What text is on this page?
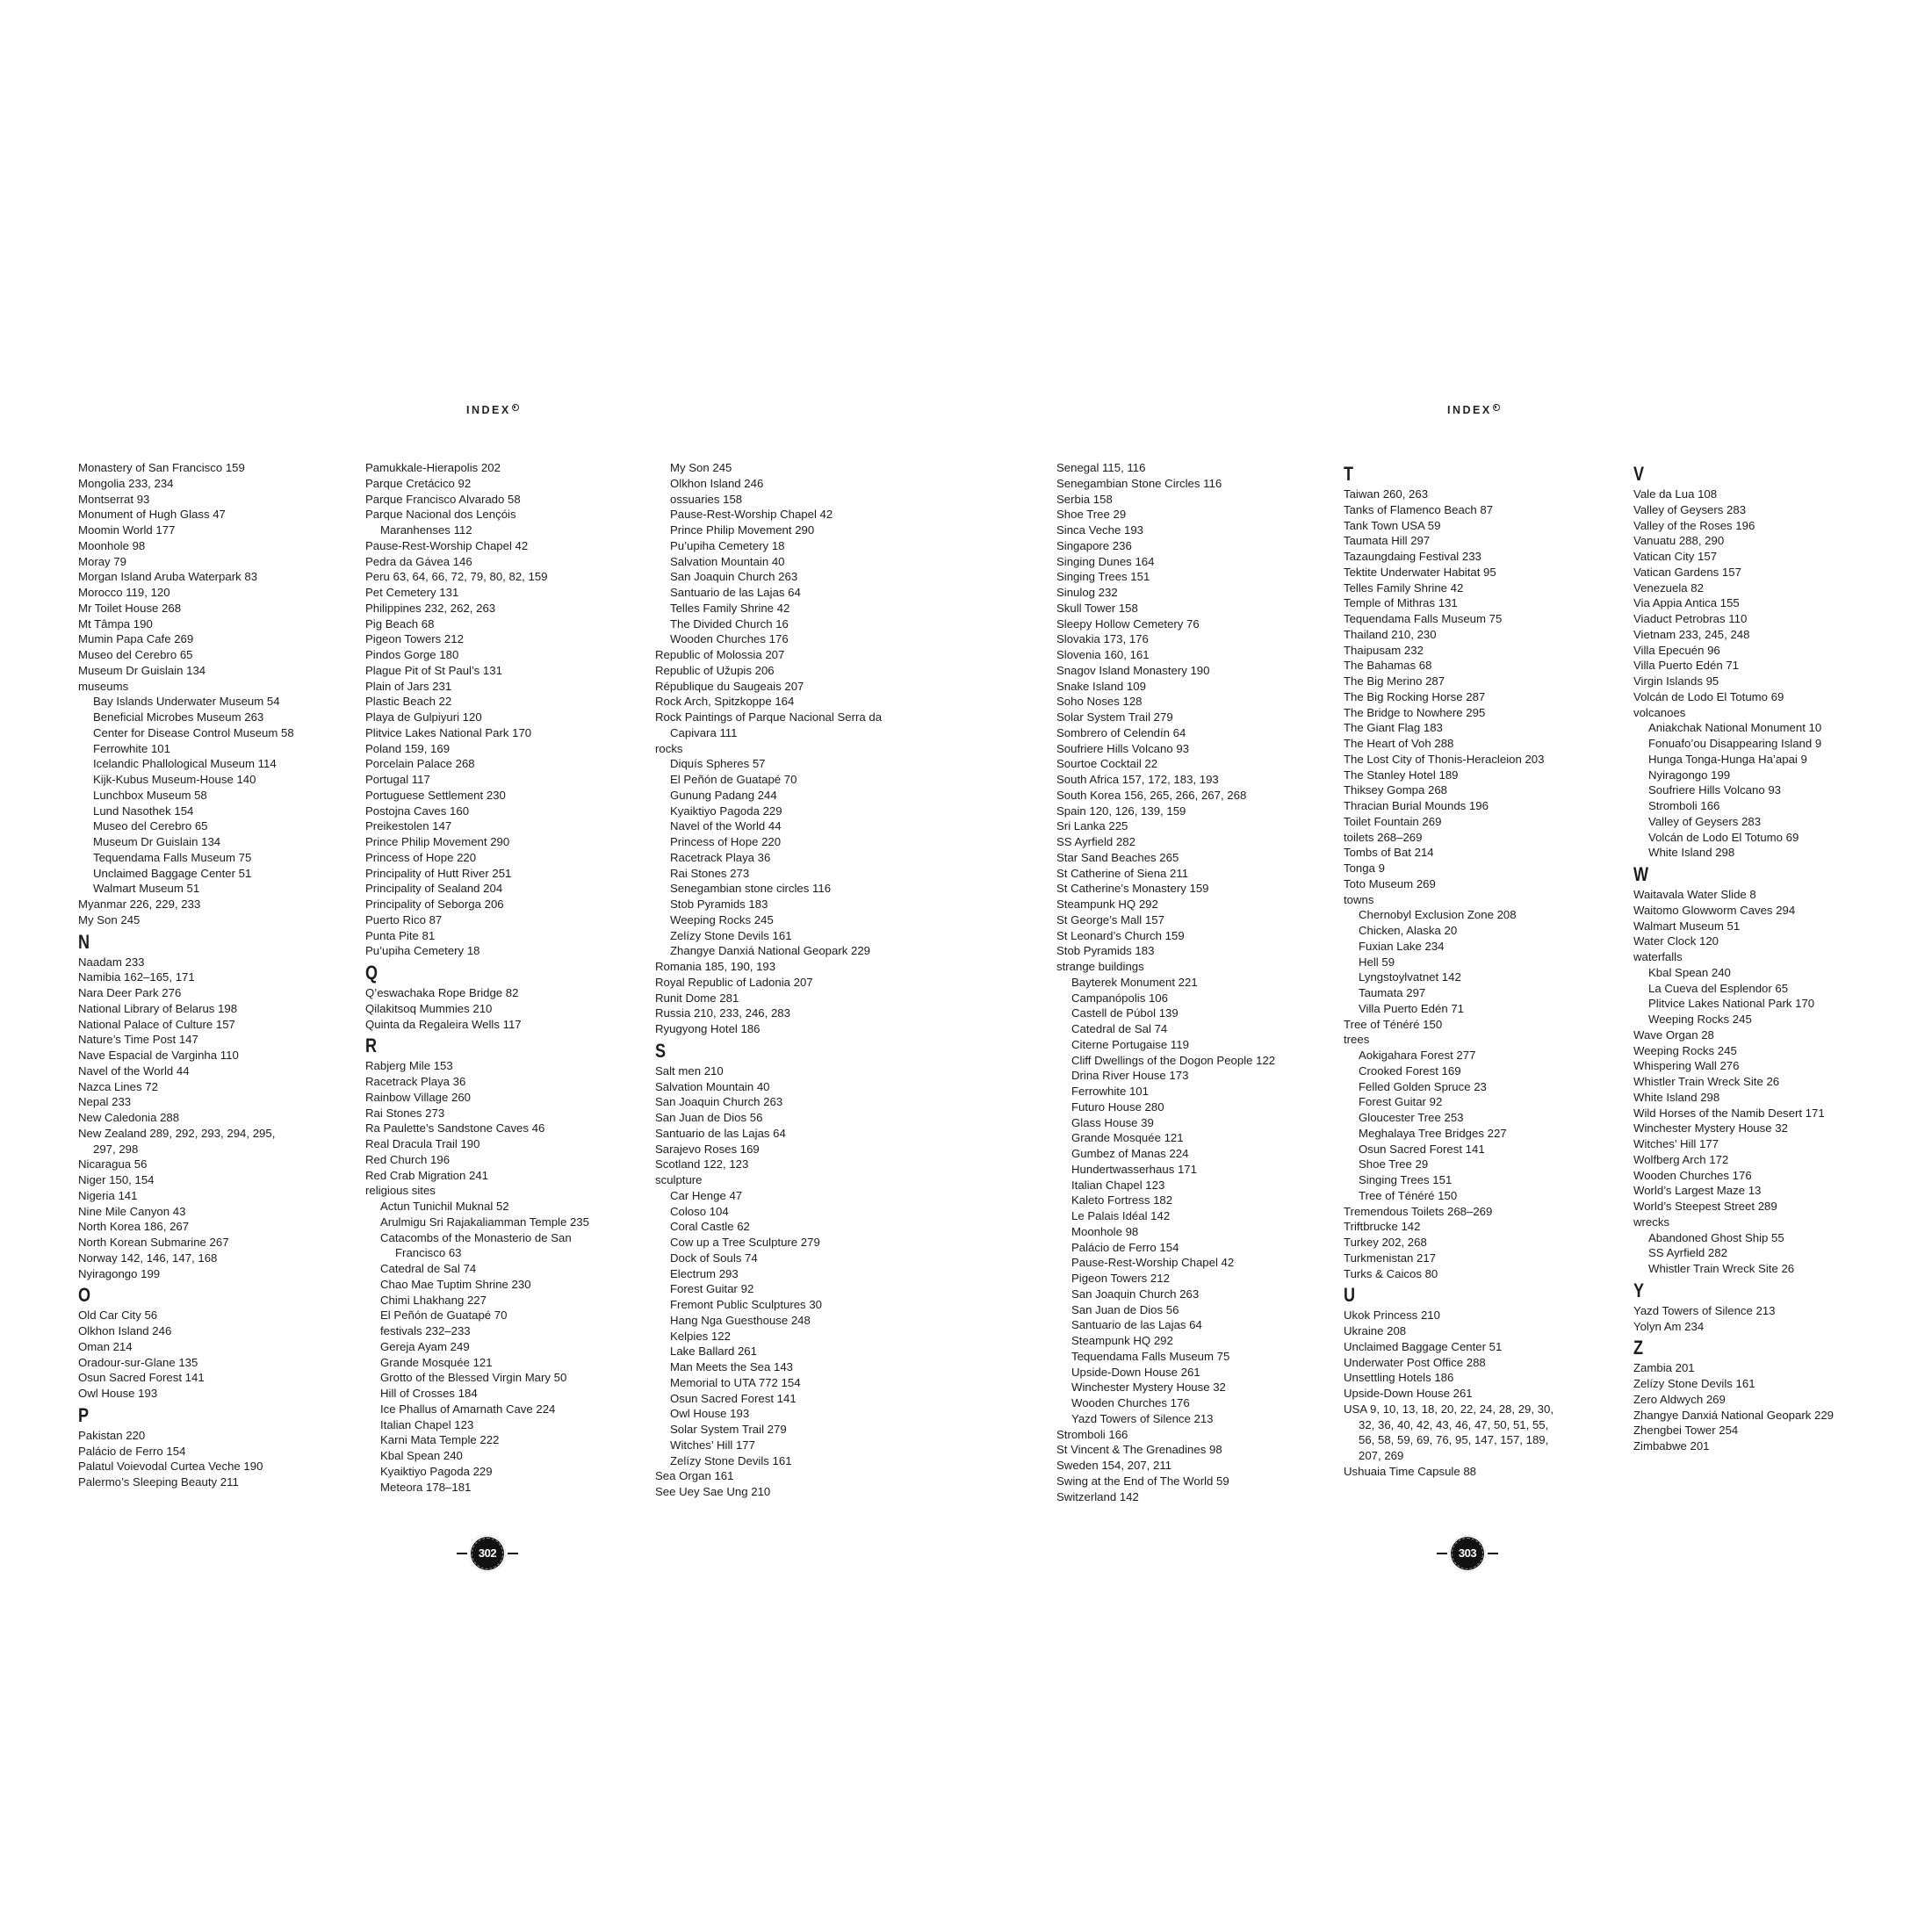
INDEX	INDEX
Monastery of San Francisco 159
Mongolia 233, 234
Montserrat 93
Monument of Hugh Glass 47
Moomin World 177
Moonhole 98
Moray 79
Morgan Island Aruba Waterpark 83
Morocco 119, 120
Mr Toilet House 268
Mt Tâmpa 190
Mumin Papa Cafe 269
Museo del Cerebro 65
Museum Dr Guislain 134
museums
Bay Islands Underwater Museum 54
Beneficial Microbes Museum 263
Center for Disease Control Museum 58
Ferrowhite 101
Icelandic Phallological Museum 114
Kijk-Kubus Museum-House 140
Lunchbox Museum 58
Lund Nasothek 154
Museo del Cerebro 65
Museum Dr Guislain 134
Tequendama Falls Museum 75
Unclaimed Baggage Center 51
Walmart Museum 51
Myanmar 226, 229, 233
My Son 245
N
Naadam 233
Namibia 162–165, 171
Nara Deer Park 276
National Library of Belarus 198
National Palace of Culture 157
Nature’s Time Post 147
Nave Espacial de Varginha 110
Navel of the World 44
Nazca Lines 72
Nepal 233
New Caledonia 288
New Zealand 289, 292, 293, 294, 295,
297, 298
Nicaragua 56
Niger 150, 154
Nigeria 141
Nine Mile Canyon 43
North Korea 186, 267
North Korean Submarine 267
Norway 142, 146, 147, 168
Nyiragongo 199
O
Old Car City 56
Olkhon Island 246
Oman 214
Oradour-sur-Glane 135
Osun Sacred Forest 141
Owl House 193
P
Pakistan 220
Palácio de Ferro 154
Palatul Voievodal Curtea Veche 190
Palermo’s Sleeping Beauty 211
Pamukkale-Hierapolis 202
Parque Cretácico 92
Parque Francisco Alvarado 58
Parque Nacional dos Lençóis
Maranhenses 112
Pause-Rest-Worship Chapel 42
Pedra da Gávea 146
Peru 63, 64, 66, 72, 79, 80, 82, 159
Pet Cemetery 131
Philippines 232, 262, 263
Pig Beach 68
Pigeon Towers 212
Pindos Gorge 180
Plague Pit of St Paul’s 131
Plain of Jars 231
Plastic Beach 22
Playa de Gulpiyuri 120
Plitvice Lakes National Park 170
Poland 159, 169
Porcelain Palace 268
Portugal 117
Portuguese Settlement 230
Postojna Caves 160
Preikestolen 147
Prince Philip Movement 290
Princess of Hope 220
Principality of Hutt River 251
Principality of Sealand 204
Principality of Seborga 206
Puerto Rico 87
Punta Pite 81
Pu’upiha Cemetery 18
Q
Q’eswachaka Rope Bridge 82
Qilakitsoq Mummies 210
Quinta da Regaleira Wells 117
R
Rabjerg Mile 153
Racetrack Playa 36
Rainbow Village 260
Rai Stones 273
Ra Paulette’s Sandstone Caves 46
Real Dracula Trail 190
Red Church 196
Red Crab Migration 241
religious sites
Actun Tunichil Muknal 52
Arulmigu Sri Rajakaliamman Temple 235
Catacombs of the Monasterio de San
Francisco 63
Catedral de Sal 74
Chao Mae Tuptim Shrine 230
Chimi Lhakhang 227
El Peñón de Guatapé 70
festivals 232–233
Gereja Ayam 249
Grande Mosquée 121
Grotto of the Blessed Virgin Mary 50
Hill of Crosses 184
Ice Phallus of Amarnath Cave 224
Italian Chapel 123
Karni Mata Temple 222
Kbal Spean 240
Kyaiktiyo Pagoda 229
Meteora 178–181
My Son 245
Olkhon Island 246
ossuaries 158
Pause-Rest-Worship Chapel 42
Prince Philip Movement 290
Pu’upiha Cemetery 18
Salvation Mountain 40
San Joaquin Church 263
Santuario de las Lajas 64
Telles Family Shrine 42
The Divided Church 16
Wooden Churches 176
Republic of Molossia 207
Republic of Užupis 206
République du Saugeais 207
Rock Arch, Spitzkoppe 164
Rock Paintings of Parque Nacional Serra da
Capivara 111
rocks
Diquís Spheres 57
El Peñón de Guatapé 70
Gunung Padang 244
Kyaiktiyo Pagoda 229
Navel of the World 44
Princess of Hope 220
Racetrack Playa 36
Rai Stones 273
Senegambian stone circles 116
Stob Pyramids 183
Weeping Rocks 245
Zelízy Stone Devils 161
Zhangye Danxiá National Geopark 229
Romania 185, 190, 193
Royal Republic of Ladonia 207
Runit Dome 281
Russia 210, 233, 246, 283
Ryugyong Hotel 186
S
Salt men 210
Salvation Mountain 40
San Joaquin Church 263
San Juan de Dios 56
Santuario de las Lajas 64
Sarajevo Roses 169
Scotland 122, 123
sculpture
Car Henge 47
Coloso 104
Coral Castle 62
Cow up a Tree Sculpture 279
Dock of Souls 74
Electrum 293
Forest Guitar 92
Fremont Public Sculptures 30
Hang Nga Guesthouse 248
Kelpies 122
Lake Ballard 261
Man Meets the Sea 143
Memorial to UTA 772 154
Osun Sacred Forest 141
Owl House 193
Solar System Trail 279
Witches’ Hill 177
Zelízy Stone Devils 161
Sea Organ 161
See Uey Sae Ung 210
Senegal 115, 116
Senegambian Stone Circles 116
Serbia 158
Shoe Tree 29
Sinca Veche 193
Singapore 236
Singing Dunes 164
Singing Trees 151
Sinulog 232
Skull Tower 158
Sleepy Hollow Cemetery 76
Slovakia 173, 176
Slovenia 160, 161
Snagov Island Monastery 190
Snake Island 109
Soho Noses 128
Solar System Trail 279
Sombrero of Celendín 64
Soufriere Hills Volcano 93
Sourtoe Cocktail 22
South Africa 157, 172, 183, 193
South Korea 156, 265, 266, 267, 268
Spain 120, 126, 139, 159
Sri Lanka 225
SS Ayrfield 282
Star Sand Beaches 265
St Catherine of Siena 211
St Catherine’s Monastery 159
Steampunk HQ 292
St George’s Mall 157
St Leonard’s Church 159
Stob Pyramids 183
strange buildings
Bayterek Monument 221
Campanópolis 106
Castell de Púbol 139
Catedral de Sal 74
Citerne Portugaise 119
Cliff Dwellings of the Dogon People 122
Drina River House 173
Ferrowhite 101
Futuro House 280
Glass House 39
Grande Mosquée 121
Gumbez of Manas 224
Hundertwasserhaus 171
Italian Chapel 123
Kaleto Fortress 182
Le Palais Idéal 142
Moonhole 98
Palácio de Ferro 154
Pause-Rest-Worship Chapel 42
Pigeon Towers 212
San Joaquin Church 263
San Juan de Dios 56
Santuario de las Lajas 64
Steampunk HQ 292
Tequendama Falls Museum 75
Upside-Down House 261
Winchester Mystery House 32
Wooden Churches 176
Yazd Towers of Silence 213
Stromboli 166
St Vincent & The Grenadines 98
Sweden 154, 207, 211
Swing at the End of The World 59
Switzerland 142
T
Taiwan 260, 263
Tanks of Flamenco Beach 87
Tank Town USA 59
Taumata Hill 297
Tazaungdaing Festival 233
Tektite Underwater Habitat 95
Telles Family Shrine 42
Temple of Mithras 131
Tequendama Falls Museum 75
Thailand 210, 230
Thaipusam 232
The Bahamas 68
The Big Merino 287
The Big Rocking Horse 287
The Bridge to Nowhere 295
The Giant Flag 183
The Heart of Voh 288
The Lost City of Thonis-Heracleion 203
The Stanley Hotel 189
Thiksey Gompa 268
Thracian Burial Mounds 196
Toilet Fountain 269
toilets 268–269
Tombs of Bat 214
Tonga 9
Toto Museum 269
towns
Chernobyl Exclusion Zone 208
Chicken, Alaska 20
Fuxian Lake 234
Hell 59
Lyngstoylvatnet 142
Taumata 297
Villa Puerto Edén 71
Tree of Ténéré 150
trees
Aokigahara Forest 277
Crooked Forest 169
Felled Golden Spruce 23
Forest Guitar 92
Gloucester Tree 253
Meghalaya Tree Bridges 227
Osun Sacred Forest 141
Shoe Tree 29
Singing Trees 151
Tree of Ténéré 150
Tremendous Toilets 268–269
Triftbrucke 142
Turkey 202, 268
Turkmenistan 217
Turks & Caicos 80
U
Ukok Princess 210
Ukraine 208
Unclaimed Baggage Center 51
Underwater Post Office 288
Unsettling Hotels 186
Upside-Down House 261
USA 9, 10, 13, 18, 20, 22, 24, 28, 29, 30,
32, 36, 40, 42, 43, 46, 47, 50, 51, 55,
56, 58, 59, 69, 76, 95, 147, 157, 189,
207, 269
Ushuaia Time Capsule 88
V
Vale da Lua 108
Valley of Geysers 283
Valley of the Roses 196
Vanuatu 288, 290
Vatican City 157
Vatican Gardens 157
Venezuela 82
Via Appia Antica 155
Viaduct Petrobras 110
Vietnam 233, 245, 248
Villa Epecuén 96
Villa Puerto Edén 71
Virgin Islands 95
Volcán de Lodo El Totumo 69
volcanoes
Aniakchak National Monument 10
Fonuafo’ou Disappearing Island 9
Hunga Tonga-Hunga Ha’apai 9
Nyiragongo 199
Soufriere Hills Volcano 93
Stromboli 166
Valley of Geysers 283
Volcán de Lodo El Totumo 69
White Island 298
W
Waitavala Water Slide 8
Waitomo Glowworm Caves 294
Walmart Museum 51
Water Clock 120
waterfalls
Kbal Spean 240
La Cueva del Esplendor 65
Plitvice Lakes National Park 170
Weeping Rocks 245
Wave Organ 28
Weeping Rocks 245
Whispering Wall 276
Whistler Train Wreck Site 26
White Island 298
Wild Horses of the Namib Desert 171
Winchester Mystery House 32
Witches’ Hill 177
Wolfberg Arch 172
Wooden Churches 176
World’s Largest Maze 13
World’s Steepest Street 289
wrecks
Abandoned Ghost Ship 55
SS Ayrfield 282
Whistler Train Wreck Site 26
Y
Yazd Towers of Silence 213
Yolyn Am 234
Z
Zambia 201
Zelízy Stone Devils 161
Zero Aldwych 269
Zhangye Danxiá National Geopark 229
Zhengbei Tower 254
Zimbabwe 201
302	303
